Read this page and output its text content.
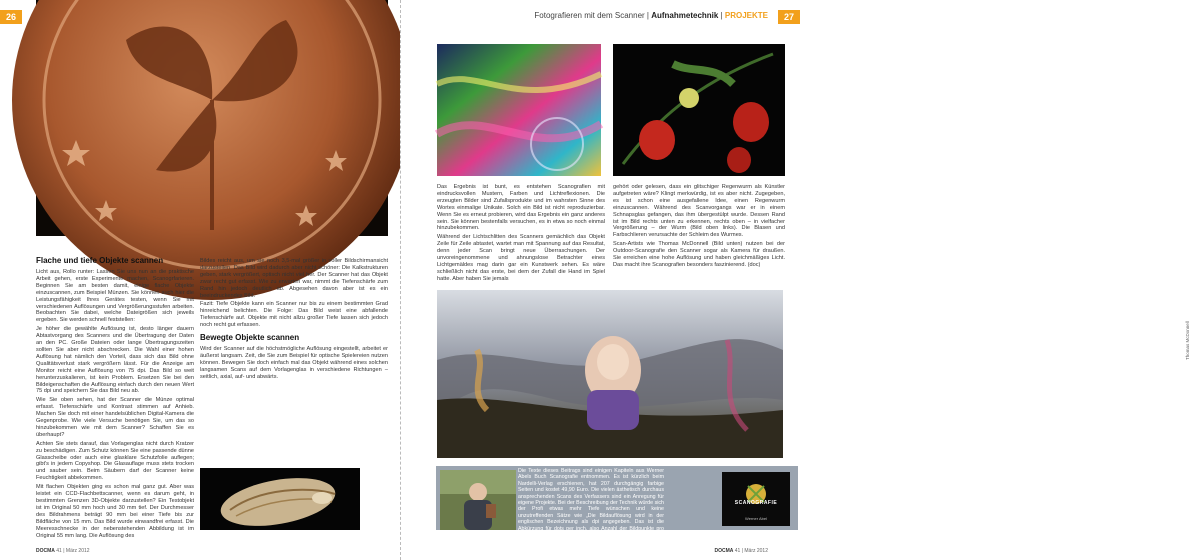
26
Flache und tiefe Objekte scannen

Licht aus, Rollo runter: Lassen Sie uns nun an die praktische Arbeit gehen, erste Experimente machen, Scanogrfarieren. Beginnen Sie am besten damit, einige flache Objekte einzuscannen, zum Beispiel Münzen. Sie können auch hier die Leistungsfähigkeit Ihres Gerätes testen, wenn Sie mit verschiedenen Auflösungen und Vergrößerungsstufen arbeiten. Beobachten Sie dabei, welche Dateigrößen sich jeweils ergeben. Sie werden schnell feststellen:

Je höher die gewählte Auflösung ist, desto länger dauern Abtastvorgang des Scanners und die Übertragung der Daten an den PC. Große Dateien oder lange Übertragungszeiten sollten Sie aber nicht abschrecken. Die Wahl einer hohen Auflösung hat nämlich den Vorteil, dass sich das Bild ohne Qualitätsverlust stark vergrößern lässt. Für die Anzeige am Monitor reicht eine Auflösung von 75 dpi. Das Bild so weit herunterzuskalieren, ist kein Problem. Ersetzen Sie bei den Bildeigenschaften die Auflösung einfach durch den neuen Wert 75 dpi und speichern Sie das Bild neu ab.

Wie Sie oben sehen, hat der Scanner die Münze optimal erfasst. Tiefenschärfe und Kontrast stimmen auf Anhieb. Machen Sie doch mit einer handelsüblichen Digital-Kamera die Gegenprobe. Wie viele Versuche benötigen Sie, um das so hinzubekommen wie mit dem Scanner? Schaffen Sie es überhaupt?

Achten Sie stets darauf, das Vorlagenglas nicht durch Kratzer zu beschädigen. Zum Schutz können Sie eine passende dünne Glasscheibe oder auch eine glasklare Schutzfolie auflegen; gibt's in jedem Copyshop. Die Glasauflage muss stets trocken und sauber sein. Beim Säubern darf der Scanner keine Feuchtigkeit abbekommen.

Mit flachen Objekten ging es schon mal ganz gut. Aber was leistet ein CCD-Flachbettscanner, wenn es darum geht, in bestimmten Grenzen 3D-Objekte darzustellen? Ein Testobjekt ist im Original 50 mm hoch und 30 mm tief. Der Durchmesser des Bildrahmens beträgt 90 mm bei einer Tiefe bis zur Bildfläche von 15 mm. Das Bild wurde einwandfrei erfasst. Die Meeresschnecke in der nebenstehenden Abbildung ist im Original 55 mm lang. Die Auflösung des

Bildes reicht aus, um sie noch 3,5-mal größer in voller Bildschirmansicht darzustellen. Das Bild wird dadurch aber nicht schöner: Die Kalkstrukturen geben, stark vergrößert, optisch nicht viel her. Der Scanner hat das Objekt zwar recht gut erfasst. Wie zu erwarten war, nimmt die Tiefenschärfe zum Rand hin jedoch deutlich ab. Abgesehen davon aber ist es ein beeindruckendes Bild.

Fazit: Tiefe Objekte kann ein Scanner nur bis zu einem bestimmten Grad hinreichend belichten. Die Folge: Das Bild weist eine abfallende Tiefenschärfe auf. Objekte mit nicht allzu großer Tiefe lassen sich jedoch noch recht gut erfassen.

Bewegte Objekte scannen

Wird der Scanner auf die höchstmögliche Auflösung eingestellt, arbeitet er äußerst langsam. Zeit, die Sie zum Beispiel für optische Spielereien nutzen können. Bewegen Sie doch einfach mal das Objekt während eines solchen langsamen Scans auf dem Vorlagenglas in verschiedene Richtungen – seitlich, axial, auf- und abwärts.

DOCMA 41 | März 2012
Fotografieren mit dem Scanner | Aufnahmetechnik | PROJEKTE	27

Das Ergebnis ist bunt, es entstehen Scanografien mit eindrucksvollen Mustern, Farben und Lichtreflexionen. Die erzeugten Bilder sind Zufallsprodukte und im wahrsten Sinne des Wortes einmalige Unikate. Solch ein Bild ist nicht reproduzierbar. Wenn Sie es erneut probieren, wird das Ergebnis ein ganz anderes sein. Sie können bestenfalls versuchen, es in etwa so noch einmal hinzubekommen.

Während der Lichtschlitten des Scanners gemächlich das Objekt Zeile für Zeile abtastet, wartet man mit Spannung auf das Resultat, denn jeder Scan bringt neue Überraschungen. Der unvoreingenommene und ahnungslose Betrachter eines Lichtgemäldes mag darin gar ein Kunstwerk sehen. Es wäre schließlich nicht das erste, bei dem der Zufall die Hand im Spiel hatte. Aber haben Sie jemals

gehört oder gelesen, dass ein glitschiger Regenwurm als Künstler aufgetreten wäre? Klingt merkwürdig, ist es aber nicht. Zugegeben, es ist schon eine ausgefallene Idee, einen Regenwurm einzuscannen. Während des Scanvorgangs war er in einem Schnapsglas gefangen, das ihm übergestülpt wurde. Dessen Rand ist im Bild rechts unten zu erkennen, rechts oben – in vielfacher Vergrößerung – der Wurm (Bild oben links). Die Blasen und Farbschlieren verursachte der Schleim des Wurmes.

Scan-Artists wie Thomas McDonnell (Bild unten) nutzen bei der Outdoor-Scanografie den Scanner sogar als Kamera für draußen. Sie erreichen eine hohe Auflösung und haben gleichmäßiges Licht. Das macht ihre Scanografien besonders faszinierend. (doc)

Thomas McDonnell
DOCMA 41 | März 2012
Die Texte dieses Beitrags sind einigen Kapiteln aus Werner Abels Buch Scanografie entnommen. Es ist kürzlich beim Nardelli-Verlag erschienen, hat 207 durchgängig farbige Seiten und kostet 49,90 Euro. Die vielen ästhetisch durchaus ansprechenden Scans des Verfassers sind ein Anregung für eigene Projekte. Bei der Beschreibung der Technik würde sich der Profi etwas mehr Tiefe wünschen und keine unzutreffenden Sätze wie „Die Bildauflösung wird in der englischen Bezeichnung als dpi angegeben. Das ist die Abkürzung für dots per inch, also Anzahl der Bildpunkte pro Zoll“. Die Idee, das Buch nach oben aufzuklappen, ist eine nette Scanner-Analogie – nach dem Lesen und einem Krampf im Handgelenk weiß man jedoch, warum das nicht üblich ist.
SCANOGRAFIE
Werner Abel
